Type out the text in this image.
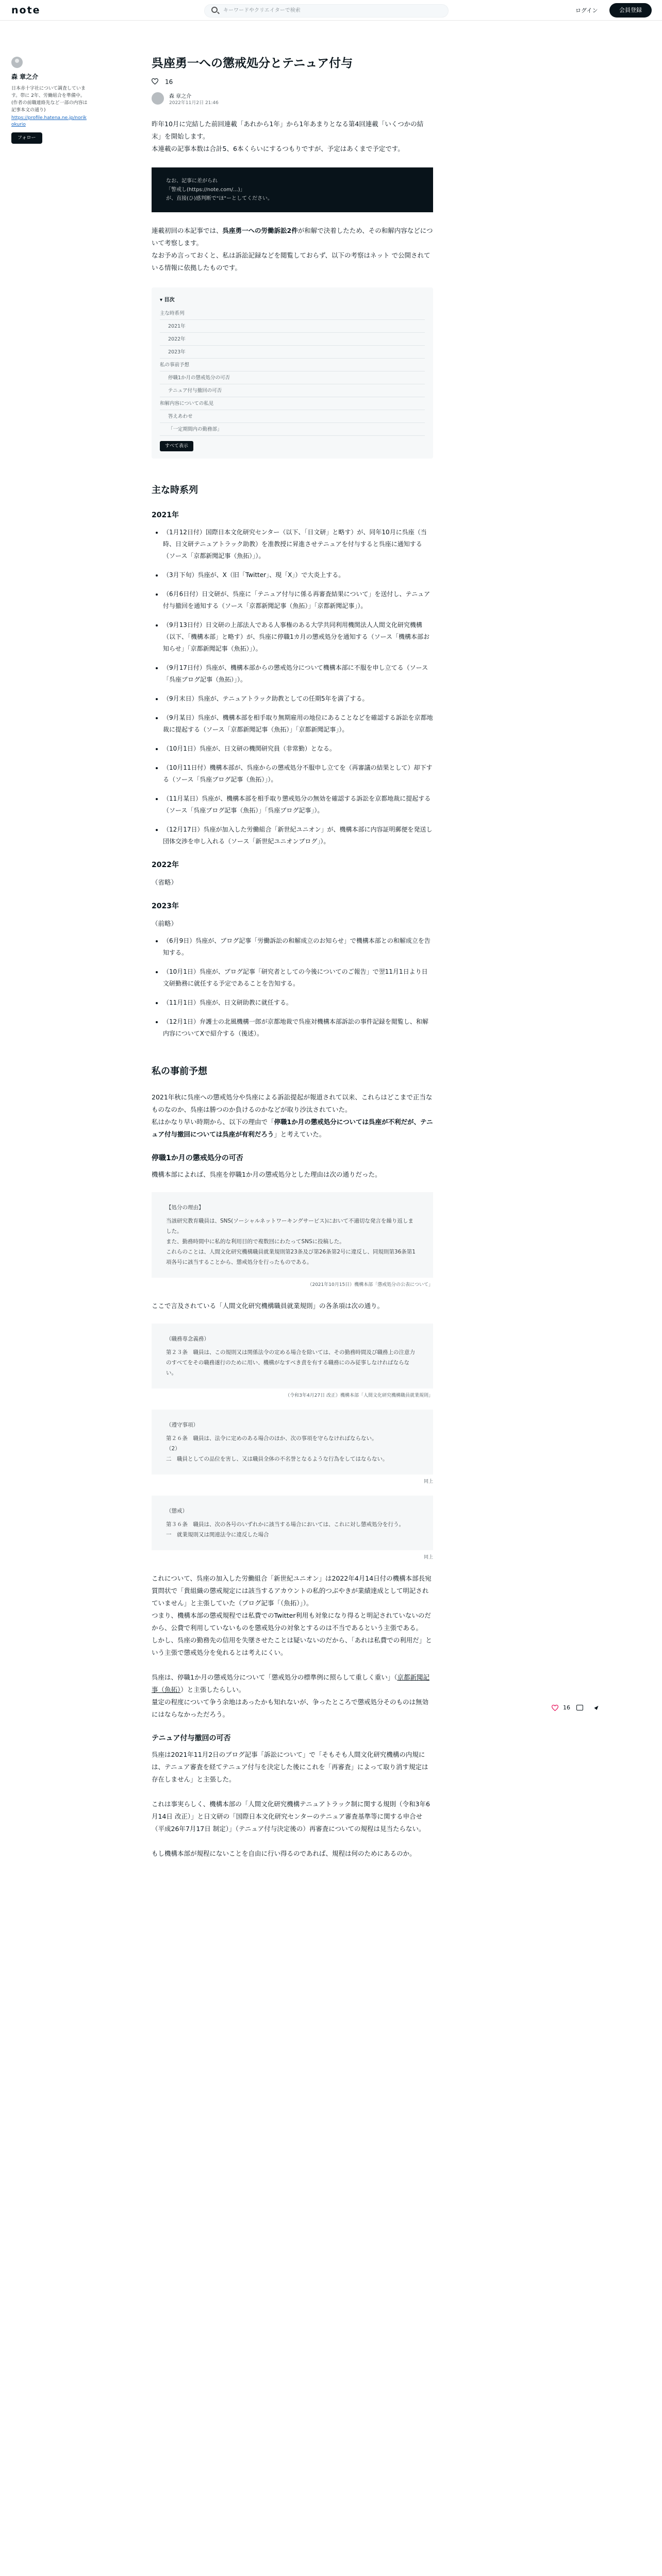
note	キーワードやクリエイターで検索	ログイン	会員登録
森 章之介
日本赤十字社について調査しています。帯に 2年、労働組合を準備中。(作者の前職連絡先など一部の内容は記事本文の通り)
https://profile.hatena.ne.jp/norikokurio
フォロー
呉座勇一への懲戒処分とテニュア付与
16
森 章之介
2022年11月2日 21:46

昨年10月に完結した前回連載「あれから1年」から1年あまりとなる第4回連載「いくつかの結末」を開始します。

本連載の記事本数は合計5、6本くらいにするつもりですが、予定はあくまで予定です。

なお、記事に差がられ
「警戒し(https://note.com/...)」
が、直接(ひ)感判断で"ほ"ーとしてください。

連載初回の本記事では、呉座勇一への労働訴訟2件が和解で決着したため、その和解内容などについて考察します。

なお予め言っておくと、私は訴訟記録などを閲覧しておらず、以下の考察はネット で公開されている情報に依拠したものです。

▾ 目次
主な時系列
2021年
2022年
2023年
私の事前予想
停職1か月の懲戒処分の可否
テニュア付与撤回の可否
和解内容についての私見
答えあわせ
「一定期間内の勤務部」
すべて表示
主な時系列
2021年
（1月12日付）国際日本文化研究センター（以下、「日文研」と略す）が、同年10月に呉座（当時、日文研テニュアトラック助教）を准教授に昇進させテニュアを付与すると呉座に通知する（ソース「京都新聞記事（魚拓）」）。
（3月下旬）呉座が、X（旧「Twitter」、現「X」）で大炎上する。
（6月6日付）日文研が、呉座に「テニュア付与に係る再審査結果について」を送付し、テニュア付与撤回を通知する（ソース「京都新聞記事（魚拓）」「京都新聞記事」）。
（9月13日付）日文研の上部法人である人事権のある大学共同利用機関法人人間文化研究機構（以下、「機構本部」と略す）が、呉座に停職1カ月の懲戒処分を通知する（ソース「機構本部お知らせ」「京都新聞記事（魚拓）」）。
（9月17日付）呉座が、機構本部からの懲戒処分について機構本部に不服を申し立てる（ソース「呉座ブログ記事（魚拓）」）。
（9月末日）呉座が、テニュアトラック助教としての任期5年を満了する。
（9月某日）呉座が、機構本部を相手取り無期雇用の地位にあることなどを確認する訴訟を京都地裁に提起する（ソース「京都新聞記事（魚拓）」「京都新聞記事」）。
（10月1日）呉座が、日文研の機関研究員（非常勤）となる。
（10月11日付）機構本部が、呉座からの懲戒処分不服申し立てを（再審議の結果として）却下する（ソース「呉座ブログ記事（魚拓）」）。
（11月某日）呉座が、機構本部を相手取り懲戒処分の無効を確認する訴訟を京都地裁に提起する（ソース「呉座ブログ記事（魚拓）」「呉座ブログ記事」）。
（12月17日）呉座が加入した労働組合「新世紀ユニオン」が、機構本部に内容証明郵便を発送し団体交渉を申し入れる（ソース「新世紀ユニオンブログ」）。
2022年

（省略）

2023年

（前略）

（6月9日）呉座が、ブログ記事「労働訴訟の和解成立のお知らせ」で機構本部との和解成立を告知する。
（10月1日）呉座が、ブログ記事「研究者としての今後についてのご報告」で翌11月1日より日文研勤務に就任する予定であることを告知する。
（11月1日）呉座が、日文研助教に就任する。
（12月1日）弁護士の北風機構一郎が京都地裁で呉座対機構本部訴訟の事件記録を閲覧し、和解内容についてXで紹介する（後述）。
私の事前予想

2021年秋に呉座への懲戒処分や呉座による訴訟提起が報道されて以来、これらはどこまで正当なものなのか、呉座は勝つのか負けるのかなどが取り沙汰されていた。

私はかなり早い時期から、以下の理由で「停職1か月の懲戒処分については呉座が不利だが、テニュア付与撤回については呉座が有利だろう」と考えていた。

停職1か月の懲戒処分の可否

機構本部によれば、呉座を停職1か月の懲戒処分とした理由は次の通りだった。

【処分の理由】
当該研究教育職員は、SNS(ソーシャルネットワーキングサービス)において不適切な発言を繰り返しました。
また、勤務時間中に私的な利用目的で複数回にわたってSNSに投稿した。
これらのことは、人間文化研究機構職員就業規則第23条及び第26条第2号に違反し、同規則第36条第1項各号に該当することから、懲戒処分を行ったものである。
（2021年10月15日）機構本部「懲戒処分の公表について」

ここで言及されている「人間文化研究機構職員就業規則」の各条項は次の通り。

（職務専念義務）
第２３条　職員は、この規則又は関係法令の定める場合を除いては、その勤務時間及び職務上の注意力のすべてをその職務遂行のために用い、機構がなすべき責を有する職務にのみ従事しなければならない。
（令和3年4月27日 改正）機構本部「人間文化研究機構職員就業規則」
（遵守事項）
第２６条　職員は、法令に定めのある場合のほか、次の事項を守らなければならない。
（2）
二　職員としての品位を害し、又は職員全体の不名誉となるような行為をしてはならない。
同上
（懲戒）
第３６条　職員は、次の各号のいずれかに該当する場合においては、これに対し懲戒処分を行う。
一　就業規則又は関連法令に違反した場合
同上

これについて、呉座の加入した労働組合「新世紀ユニオン」は2022年4月14日付の機構本部長宛質問状で「貴組織の懲戒規定には該当するアカウントの私的つぶやきが業績達成として明記されていません」と主張していた（ブログ記事「（魚拓）」）。

つまり、機構本部の懲戒規程では私費でのTwitter利用も対象になり得ると明記されていないのだから、公費で利用していないものを懲戒処分の対象とするのは不当であるという主張である。

しかし、呉座の勤務先の信用を失墜させたことは疑いないのだから、「あれは私費での利用だ」という主張で懲戒処分を免れるとは考えにくい。

呉座は、停職1か月の懲戒処分について「懲戒処分の標準例に照らして重しく重い」（京都新聞記事（魚拓））と主張したらしい。

量定の程度について争う余地はあったかも知れないが、争ったところで懲戒処分そのものは無効にはならなかっただろう。

テニュア付与撤回の可否

呉座は2021年11月2日のブログ記事「訴訟について」で「そもそも人間文化研究機構の内規には、テニュア審査を経てテニュア付与を決定した後にこれを「再審査」によって取り消す規定は存在しません」と主張した。

これは事実らしく、機構本部の「人間文化研究機構テニュアトラック制に関する規則（令和3年6月14日 改正）」と日文研の「国際日本文化研究センターのテニュア審査基準等に関する申合せ（平成26年7月17日 制定）」（テニュア付与決定後の）再審査についての規程は見当たらない。

もし機構本部が規程にないことを自由に行い得るのであれば、規程は何のためにあるのか。

16
